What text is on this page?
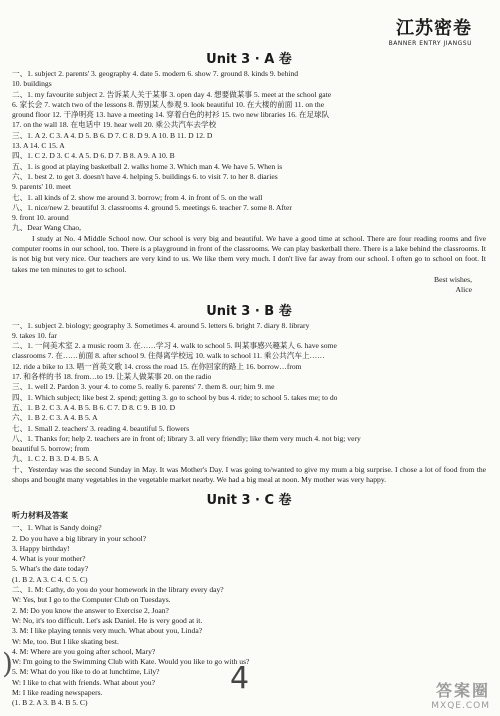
江苏密卷
BANNER ENTRY JIANGSU
Unit 3 · A 卷
一、1. subject 2. parents' 3. geography 4. date 5. modern 6. show 7. ground 8. kinds 9. behind
10. buildings
二、1. my favourite subject 2. 告诉某人关于某事 3. open day 4. 想要做某事 5. meet at the school gate
6. 家长会 7. watch two of the lessons 8. 帮别某人参观 9. look beautiful 10. 在大楼的前面 11. on the
ground floor 12. 干净明亮 13. have a meeting 14. 穿着白色的衬衫 15. two new libraries 16. 在足球队
17. on the wall 18. 在电话中 19. hear well 20. 乘公共汽车去学校
三、1. A 2. C 3. A 4. D 5. B 6. D 7. C 8. D 9. A 10. B 11. D 12. D
13. A 14. C 15. A
四、1. C 2. D 3. C 4. A 5. D 6. D 7. B 8. A 9. A 10. B
五、1. is good at playing basketball 2. walks home 3. Which man 4. We have 5. When is
六、1. best 2. to get 3. doesn't have 4. helping 5. buildings 6. to visit 7. to her 8. diaries
9. parents' 10. meet
七、1. all kinds of 2. show me around 3. borrow; from 4. in front of 5. on the wall
八、1. nice/new 2. beautiful 3. classrooms 4. ground 5. meetings 6. teacher 7. some 8. After
9. front 10. around
九、Dear Wang Chao,

I study at No. 4 Middle School now. Our school is very big and beautiful. We have a good time at school. There are four reading rooms and five computer rooms in our school, too. There is a playground in front of the classrooms. We can play basketball there. There is a lake behind the classrooms. It is not big but very nice. Our teachers are very kind to us. We like them very much. I don't live far away from our school. I often go to school on foot. It takes me ten minutes to get to school.

Best wishes,
Alice
Unit 3 · B 卷
一、1. subject 2. biology; geography 3. Sometimes 4. around 5. letters 6. bright 7. diary 8. library
9. takes 10. far
二、1. 一间美术室 2. a music room 3. 在……学习 4. walk to school 5. 叫某事感兴趣某人 6. have some
classrooms 7. 在……前面 8. after school 9. 住得离学校远 10. walk to school 11. 乘公共汽车上……
12. ride a bike to 13. 唱一首英文歌 14. cross the road 15. 在你回家的路上 16. borrow…from
17. 和各样的书 18. from…to 19. 让某人做某事 20. on the radio
三、1. well 2. Pardon 3. your 4. to come 5. really 6. parents' 7. them 8. our; him 9. me
四、1. Which subject; like best 2. spend; getting 3. go to school by bus 4. ride; to school 5. takes me; to do
五、1. B 2. C 3. A 4. B 5. B 6. C 7. D 8. C 9. B 10. D
六、1. B 2. C 3. A 4. B 5. A
七、1. Small 2. teachers' 3. reading 4. beautiful 5. flowers
八、1. Thanks for; help 2. teachers are in front of; library 3. all very friendly; like them very much 4. not big; very
beautiful 5. borrow; from
九、1. C 2. B 3. D 4. B 5. A

十、Yesterday was the second Sunday in May. It was Mother's Day. I was going to/wanted to give my mum a big surprise. I chose a lot of food from the shops and bought many vegetables in the vegetable market nearby. We had a big meal at noon. My mother was very happy.

Unit 3 · C 卷
听力材料及答案
一、1. What is Sandy doing?
2. Do you have a big library in your school?
3. Happy birthday!
4. What is your mother?
5. What's the date today?
(1. B 2. A 3. C 4. C 5. C)
二、1. M: Cathy, do you do your homework in the library every day?
W: Yes, but I go to the Computer Club on Tuesdays.
2. M: Do you know the answer to Exercise 2, Joan?
W: No, it's too difficult. Let's ask Daniel. He is very good at it.
3. M: I like playing tennis very much. What about you, Linda?
W: Me, too. But I like skating best.
4. M: Where are you going after school, Mary?
W: I'm going to the Swimming Club with Kate. Would you like to go with us?
5. M: What do you like to do at lunchtime, Lily?
W: I like to chat with friends. What about you?
M: I like reading newspapers.
(1. B 2. A 3. B 4. B 5. C)
)	4	答案圈
MXQE.COM
